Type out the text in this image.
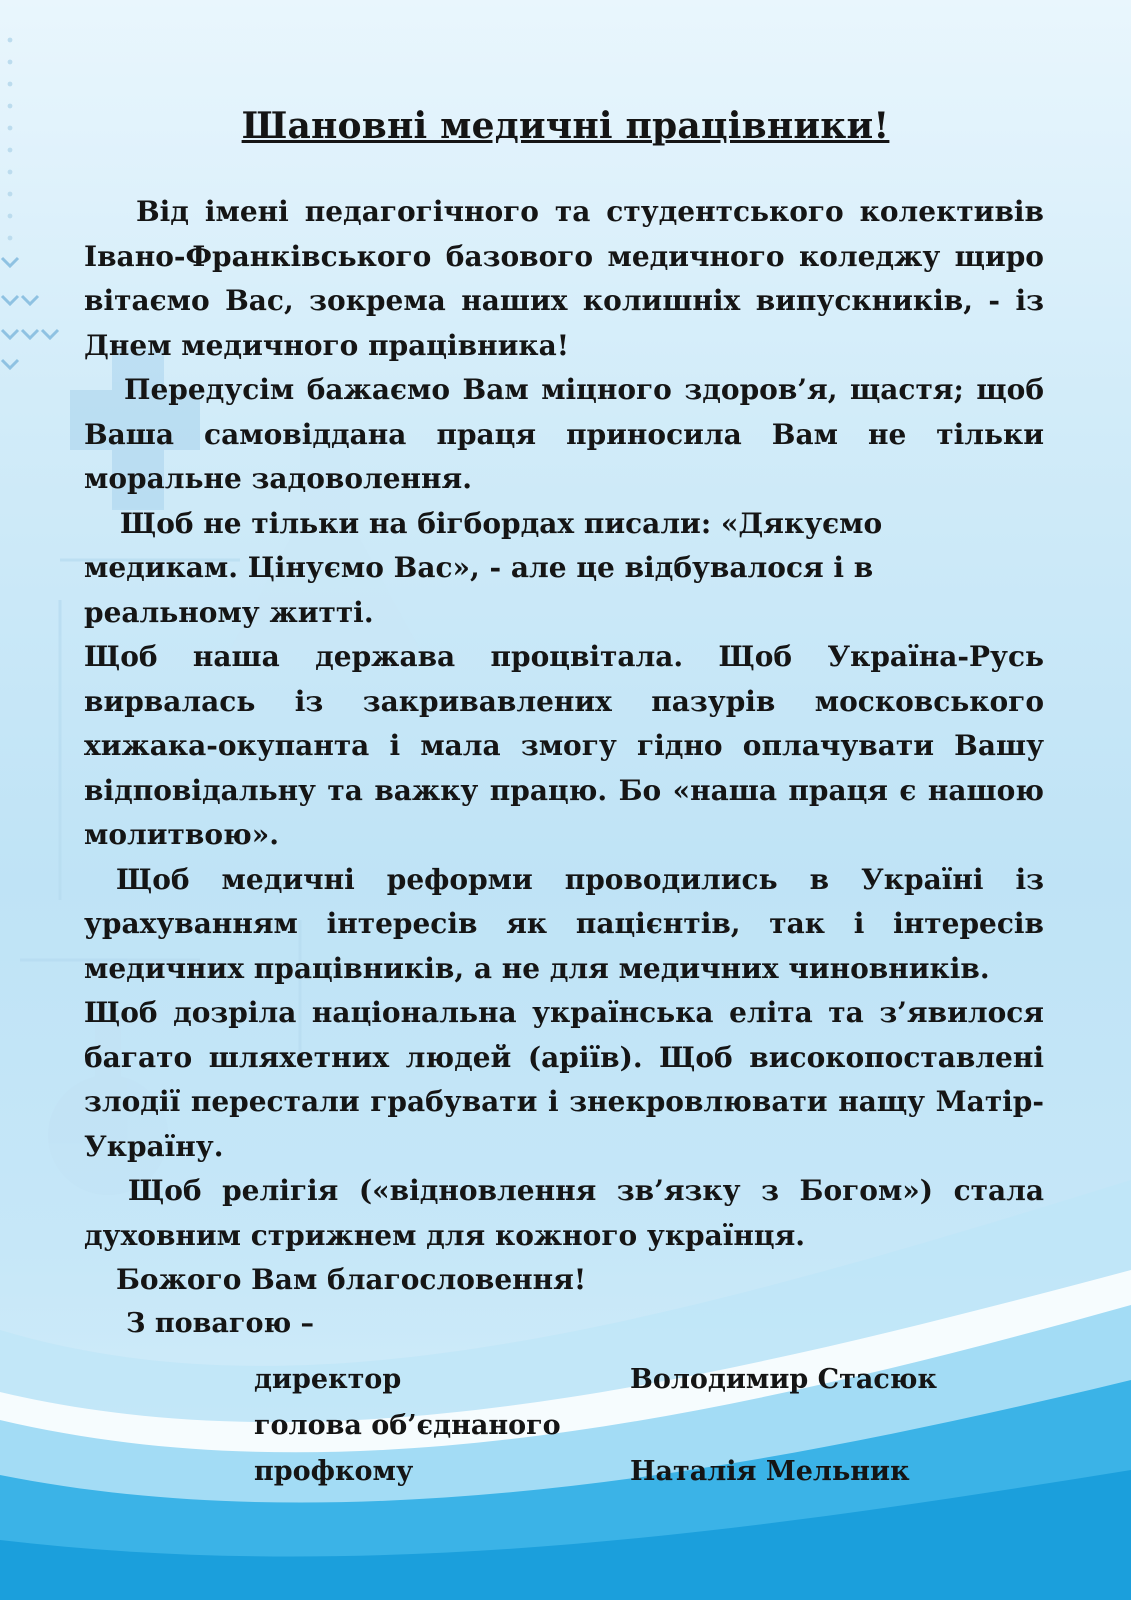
Шановні медичні працівники!

Від імені педагогічного та студентського колективів Івано-Франківського базового медичного коледжу щиро вітаємо Вас, зокрема наших колишніх випускників, - із Днем медичного працівника!

Передусім бажаємо Вам міцного здоров’я, щастя; щоб Ваша самовіддана праця приносила Вам не тільки моральне задоволення.

Щоб не тільки на бігбордах писали: «Дякуємо медикам. Цінуємо Вас», - але це відбувалося і в реальному житті.

Щоб наша держава процвітала. Щоб Україна-Русь вирвалась із закривавлених пазурів московського хижака-окупанта і мала змогу гідно оплачувати Вашу відповідальну та важку працю. Бо «наша праця є нашою молитвою».

Щоб медичні реформи проводились в Україні із урахуванням інтересів як пацієнтів, так і інтересів медичних працівників, а не для медичних чиновників.

Щоб дозріла національна українська еліта та з’явилося багато шляхетних людей (аріїв). Щоб високопоставлені злодії перестали грабувати і знекровлювати нащу Матір-Україну.

Щоб релігія («відновлення зв’язку з Богом») стала духовним стрижнем для кожного українця.

Божого Вам благословення!

З повагою –
директор	Володимир Стасюк
голова об’єднаного
профкому	Наталія Мельник
